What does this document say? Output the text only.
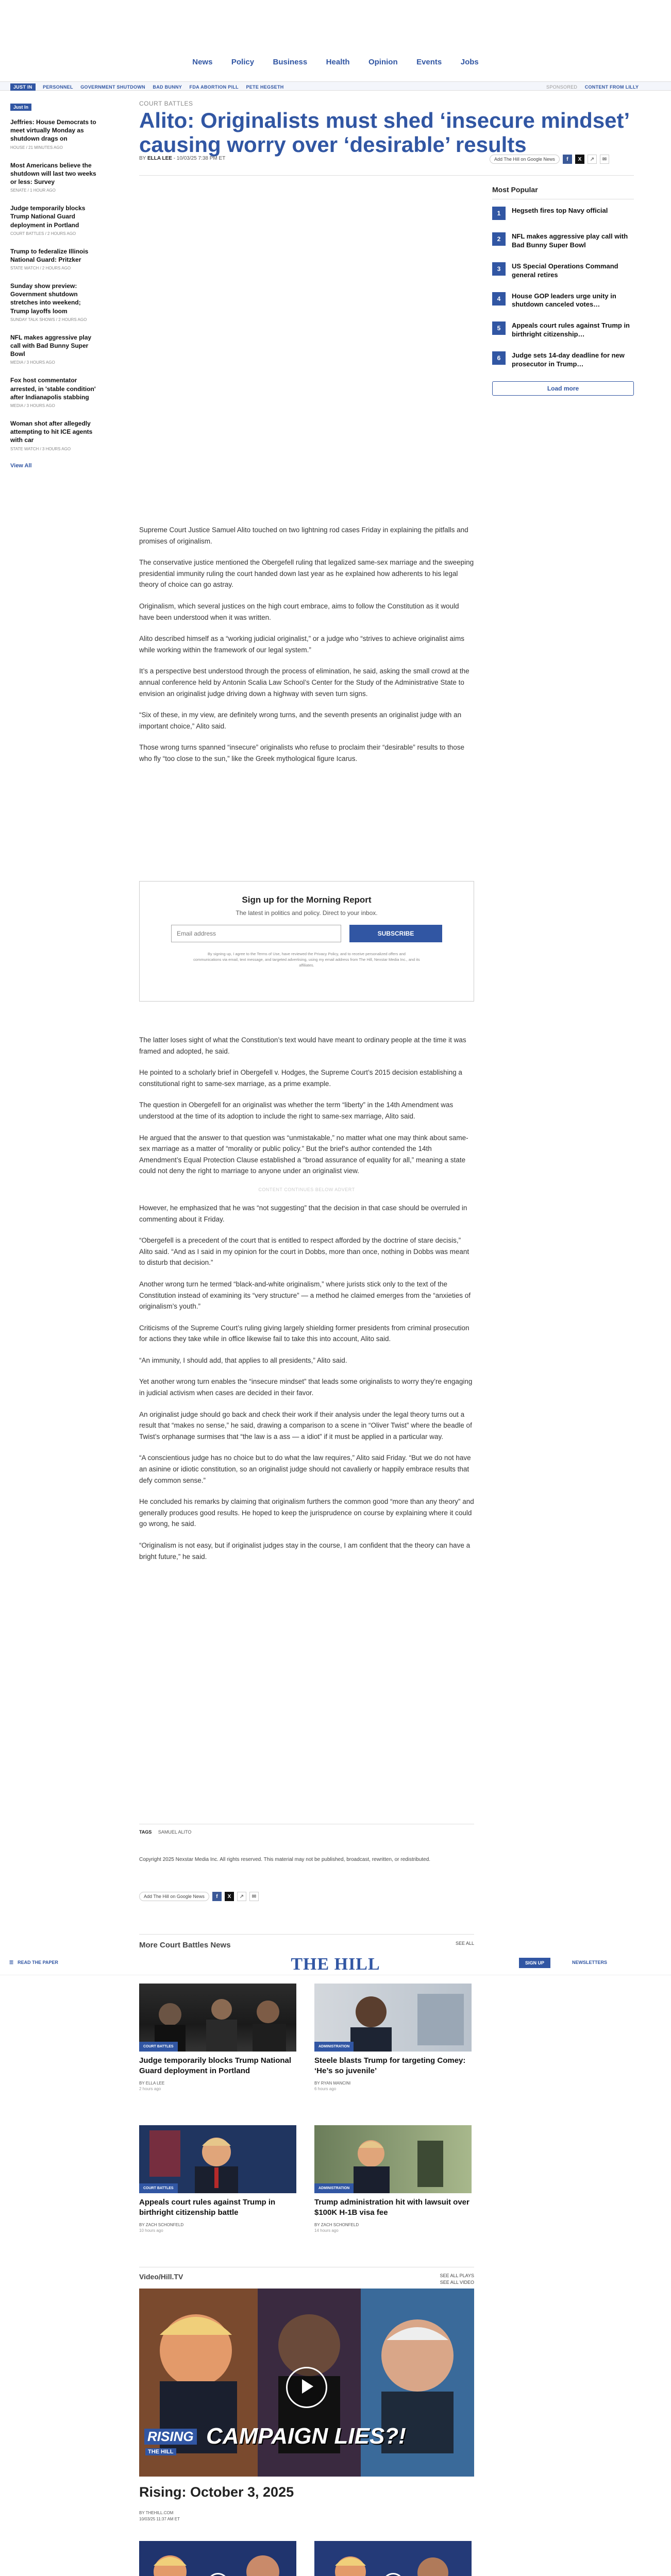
News Policy Business Health Opinion Events Jobs
JUST IN PERSONNEL GOVERNMENT SHUTDOWN BAD BUNNY FDA ABORTION PILL PETE HEGSETH	SPONSORED CONTENT FROM LILLY
Just In
Jeffries: House Democrats to meet virtually Monday as shutdown drags on
HOUSE / 21 MINUTES AGO
Most Americans believe the shutdown will last two weeks or less: Survey
SENATE / 1 HOUR AGO
Judge temporarily blocks Trump National Guard deployment in Portland
COURT BATTLES / 2 HOURS AGO
Trump to federalize Illinois National Guard: Pritzker
STATE WATCH / 2 HOURS AGO
Sunday show preview: Government shutdown stretches into weekend; Trump layoffs loom
SUNDAY TALK SHOWS / 2 HOURS AGO
NFL makes aggressive play call with Bad Bunny Super Bowl
MEDIA / 3 HOURS AGO
Fox host commentator arrested, in 'stable condition' after Indianapolis stabbing
MEDIA / 3 HOURS AGO
Woman shot after allegedly attempting to hit ICE agents with car
STATE WATCH / 3 HOURS AGO
View All
COURT BATTLES
Alito: Originalists must shed ‘insecure mindset’ causing worry over ‘desirable’ results
BY ELLA LEE - 10/03/25 7:38 PM ET	Add The Hill on Google News	f	X	↗	✉
Most Popular
1	Hegseth fires top Navy official
2	NFL makes aggressive play call with Bad Bunny Super Bowl
3	US Special Operations Command general retires
4	House GOP leaders urge unity in shutdown canceled votes…
5	Appeals court rules against Trump in birthright citizenship…
6	Judge sets 14-day deadline for new prosecutor in Trump…
Load more

Supreme Court Justice Samuel Alito touched on two lightning rod cases Friday in explaining the pitfalls and promises of originalism.

The conservative justice mentioned the Obergefell ruling that legalized same-sex marriage and the sweeping presidential immunity ruling the court handed down last year as he explained how adherents to his legal theory of choice can go astray.

Originalism, which several justices on the high court embrace, aims to follow the Constitution as it would have been understood when it was written.

Alito described himself as a “working judicial originalist,” or a judge who “strives to achieve originalist aims while working within the framework of our legal system.”

It’s a perspective best understood through the process of elimination, he said, asking the small crowd at the annual conference held by Antonin Scalia Law School’s Center for the Study of the Administrative State to envision an originalist judge driving down a highway with seven turn signs.

“Six of these, in my view, are definitely wrong turns, and the seventh presents an originalist judge with an important choice,” Alito said.

Those wrong turns spanned “insecure” originalists who refuse to proclaim their “desirable” results to those who fly “too close to the sun,” like the Greek mythological figure Icarus.

Sign up for the Morning Report
The latest in politics and policy. Direct to your inbox.
Email address	SUBSCRIBE
By signing up, I agree to the Terms of Use, have reviewed the Privacy Policy, and to receive personalized offers and communications via email, text message, and targeted advertising, using my email address from The Hill, Nexstar Media Inc., and its affiliates.

The latter loses sight of what the Constitution’s text would have meant to ordinary people at the time it was framed and adopted, he said.

He pointed to a scholarly brief in Obergefell v. Hodges, the Supreme Court’s 2015 decision establishing a constitutional right to same-sex marriage, as a prime example.

The question in Obergefell for an originalist was whether the term “liberty” in the 14th Amendment was understood at the time of its adoption to include the right to same-sex marriage, Alito said.

He argued that the answer to that question was “unmistakable,” no matter what one may think about same-sex marriage as a matter of “morality or public policy.” But the brief’s author contended the 14th Amendment’s Equal Protection Clause established a “broad assurance of equality for all,” meaning a state could not deny the right to marriage to anyone under an originalist view.

CONTENT CONTINUES BELOW ADVERT

However, he emphasized that he was “not suggesting” that the decision in that case should be overruled in commenting about it Friday.

“Obergefell is a precedent of the court that is entitled to respect afforded by the doctrine of stare decisis,” Alito said. “And as I said in my opinion for the court in Dobbs, more than once, nothing in Dobbs was meant to disturb that decision.”

Another wrong turn he termed “black-and-white originalism,” where jurists stick only to the text of the Constitution instead of examining its “very structure” — a method he claimed emerges from the “anxieties of originalism’s youth.”

Criticisms of the Supreme Court’s ruling giving largely shielding former presidents from criminal prosecution for actions they take while in office likewise fail to take this into account, Alito said.

“An immunity, I should add, that applies to all presidents,” Alito said.

Yet another wrong turn enables the “insecure mindset” that leads some originalists to worry they’re engaging in judicial activism when cases are decided in their favor.

An originalist judge should go back and check their work if their analysis under the legal theory turns out a result that “makes no sense,” he said, drawing a comparison to a scene in “Oliver Twist” where the beadle of Twist’s orphanage surmises that “the law is a ass — a idiot” if it must be applied in a particular way.

“A conscientious judge has no choice but to do what the law requires,” Alito said Friday. “But we do not have an asinine or idiotic constitution, so an originalist judge should not cavalierly or happily embrace results that defy common sense.”

He concluded his remarks by claiming that originalism furthers the common good “more than any theory” and generally produces good results. He hoped to keep the jurisprudence on course by explaining where it could go wrong, he said.

“Originalism is not easy, but if originalist judges stay in the course, I am confident that the theory can have a bright future,” he said.

TAGS SAMUEL ALITO
Copyright 2025 Nexstar Media Inc. All rights reserved. This material may not be published, broadcast, rewritten, or redistributed.
Add The Hill on Google News	f	X	↗	✉
More Court Battles News	SEE ALL
☰ READ THE PAPER	THE HILL	SIGN UP	NEWSLETTERS
COURT BATTLES
Judge temporarily blocks Trump National Guard deployment in Portland
BY ELLA LEE
2 hours ago
ADMINISTRATION
Steele blasts Trump for targeting Comey: ‘He’s so juvenile’
BY RYAN MANCINI
6 hours ago
COURT BATTLES
Appeals court rules against Trump in birthright citizenship battle
BY ZACH SCHONFELD
10 hours ago
ADMINISTRATION
Trump administration hit with lawsuit over $100K H-1B visa fee
BY ZACH SCHONFELD
14 hours ago
Video/Hill.TV	SEE ALL PLAYS
SEE ALL VIDEO
RISING CAMPAIGN LIES?!
THE HILL
Rising: October 3, 2025
BY THEHILL.COM
10/03/25 11:37 AM ET
